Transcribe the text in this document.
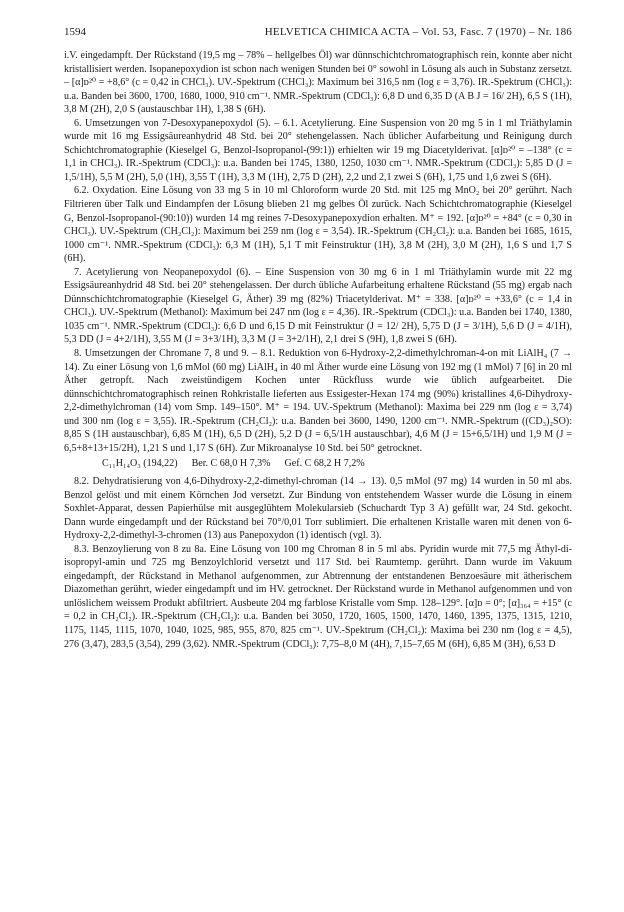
1594	HELVETICA CHIMICA ACTA – Vol. 53, Fasc. 7 (1970) – Nr. 186

i.V. eingedampft. Der Rückstand (19,5 mg – 78% – hellgelbes Öl) war dünnschichtchromatographisch rein, konnte aber nicht kristallisiert werden. Isopanepoxydion ist schon nach wenigen Stunden bei 0° sowohl in Lösung als auch in Substanz zersetzt. – [α]ᴅ²⁰ = +8,6° (c = 0,42 in CHCl₃). UV.-Spektrum (CHCl₃): Maximum bei 316,5 nm (log ε = 3,76). IR.-Spektrum (CHCl₃): u.a. Banden bei 3600, 1700, 1680, 1000, 910 cm⁻¹. NMR.-Spektrum (CDCl₃): 6,8 D und 6,35 D (A B J = 16/ 2H), 6,5 S (1H), 3,8 M (2H), 2,0 S (austauschbar 1H), 1,38 S (6H).

6. Umsetzungen von 7-Desoxypanepoxydol (5). – 6.1. Acetylierung. Eine Suspension von 20 mg 5 in 1 ml Triäthylamin wurde mit 16 mg Essigsäureanhydrid 48 Std. bei 20° stehengelassen. Nach üblicher Aufarbeitung und Reinigung durch Schichtchromatographie (Kieselgel G, Benzol-Isopropanol-(99:1)) erhielten wir 19 mg Diacetylderivat. [α]ᴅ²⁰ = –138° (c = 1,1 in CHCl₃). IR.-Spektrum (CDCl₃): u.a. Banden bei 1745, 1380, 1250, 1030 cm⁻¹. NMR.-Spektrum (CDCl₃): 5,85 D (J = 1,5/1H), 5,5 M (2H), 5,0 (1H), 3,55 T (1H), 3,3 M (1H), 2,75 D (2H), 2,2 und 2,1 zwei S (6H), 1,75 und 1,6 zwei S (6H).

6.2. Oxydation. Eine Lösung von 33 mg 5 in 10 ml Chloroform wurde 20 Std. mit 125 mg MnO₂ bei 20° gerührt. Nach Filtrieren über Talk und Eindampfen der Lösung blieben 21 mg gelbes Öl zurück. Nach Schichtchromatographie (Kieselgel G, Benzol-Isopropanol-(90:10)) wurden 14 mg reines 7-Desoxypanepoxydion erhalten. M⁺ = 192. [α]ᴅ²⁰ = +84° (c = 0,30 in CHCl₃). UV.-Spektrum (CH₂Cl₂): Maximum bei 259 nm (log ε = 3,54). IR.-Spektrum (CH₂Cl₂): u.a. Banden bei 1685, 1615, 1000 cm⁻¹. NMR.-Spektrum (CDCl₃): 6,3 M (1H), 5,1 T mit Feinstruktur (1H), 3,8 M (2H), 3,0 M (2H), 1,6 S und 1,7 S (6H).

7. Acetylierung von Neopanepoxydol (6). – Eine Suspension von 30 mg 6 in 1 ml Triäthylamin wurde mit 22 mg Essigsäureanhydrid 48 Std. bei 20° stehengelassen. Der durch übliche Aufarbeitung erhaltene Rückstand (55 mg) ergab nach Dünnschichtchromatographie (Kieselgel G, Äther) 39 mg (82%) Triacetylderivat. M⁺ = 338. [α]ᴅ²⁰ = +33,6° (c = 1,4 in CHCl₃). UV.-Spektrum (Methanol): Maximum bei 247 nm (log ε = 4,36). IR.-Spektrum (CDCl₃): u.a. Banden bei 1740, 1380, 1035 cm⁻¹. NMR.-Spektrum (CDCl₃): 6,6 D und 6,15 D mit Feinstruktur (J = 12/ 2H), 5,75 D (J = 3/1H), 5,6 D (J = 4/1H), 5,3 DD (J = 4+2/1H), 3,55 M (J = 3+3/1H), 3,3 M (J = 3+2/1H), 2,1 drei S (9H), 1,8 zwei S (6H).

8. Umsetzungen der Chromane 7, 8 und 9. – 8.1. Reduktion von 6-Hydroxy-2,2-dimethylchroman-4-on mit LiAlH₄ (7 → 14). Zu einer Lösung von 1,6 mMol (60 mg) LiAlH₄ in 40 ml Äther wurde eine Lösung von 192 mg (1 mMol) 7 [6] in 20 ml Äther getropft. Nach zweistündigem Kochen unter Rückfluss wurde wie üblich aufgearbeitet. Die dünnschichtchromatographisch reinen Rohkristalle lieferten aus Essigester-Hexan 174 mg (90%) kristallines 4,6-Dihydroxy-2,2-dimethylchroman (14) vom Smp. 149–150°. M⁺ = 194. UV.-Spektrum (Methanol): Maxima bei 229 nm (log ε = 3,74) und 300 nm (log ε = 3,55). IR.-Spektrum (CH₂Cl₂): u.a. Banden bei 3600, 1490, 1200 cm⁻¹. NMR.-Spektrum ((CD₃)₂SO): 8,85 S (1H austauschbar), 6,85 M (1H), 6,5 D (2H), 5,2 D (J = 6,5/1H austauschbar), 4,6 M (J = 15+6,5/1H) und 1,9 M (J = 6,5+8+13+15/2H), 1,21 S und 1,17 S (6H). Zur Mikroanalyse 10 Std. bei 50° getrocknet.

C₁₁H₁₄O₃ (194,22) Ber. C 68,0 H 7,3% Gef. C 68,2 H 7,2%

8.2. Dehydratisierung von 4,6-Dihydroxy-2,2-dimethyl-chroman (14 → 13). 0,5 mMol (97 mg) 14 wurden in 50 ml abs. Benzol gelöst und mit einem Körnchen Jod versetzt. Zur Bindung von entstehendem Wasser wurde die Lösung in einem Soxhlet-Apparat, dessen Papierhülse mit ausgeglühtem Molekularsieb (Schuchardt Typ 3 A) gefüllt war, 24 Std. gekocht. Dann wurde eingedampft und der Rückstand bei 70°/0,01 Torr sublimiert. Die erhaltenen Kristalle waren mit denen von 6-Hydroxy-2,2-dimethyl-3-chromen (13) aus Panepoxydon (1) identisch (vgl. 3).

8.3. Benzoylierung von 8 zu 8a. Eine Lösung von 100 mg Chroman 8 in 5 ml abs. Pyridin wurde mit 77,5 mg Äthyl-di-isopropyl-amin und 725 mg Benzoylchlorid versetzt und 117 Std. bei Raumtemp. gerührt. Dann wurde im Vakuum eingedampft, der Rückstand in Methanol aufgenommen, zur Abtrennung der entstandenen Benzoesäure mit ätherischem Diazomethan gerührt, wieder eingedampft und im HV. getrocknet. Der Rückstand wurde in Methanol aufgenommen und von unlöslichem weissem Produkt abfiltriert. Ausbeute 204 mg farblose Kristalle vom Smp. 128–129°. [α]ᴅ = 0°; [α]₃₆₄ = +15° (c = 0,2 in CH₂Cl₂). IR.-Spektrum (CH₂Cl₂): u.a. Banden bei 3050, 1720, 1605, 1500, 1470, 1460, 1395, 1375, 1315, 1210, 1175, 1145, 1115, 1070, 1040, 1025, 985, 955, 870, 825 cm⁻¹. UV.-Spektrum (CH₂Cl₂): Maxima bei 230 nm (log ε = 4,5), 276 (3,47), 283,5 (3,54), 299 (3,62). NMR.-Spektrum (CDCl₃): 7,75–8,0 M (4H), 7,15–7,65 M (6H), 6,85 M (3H), 6,53 D
